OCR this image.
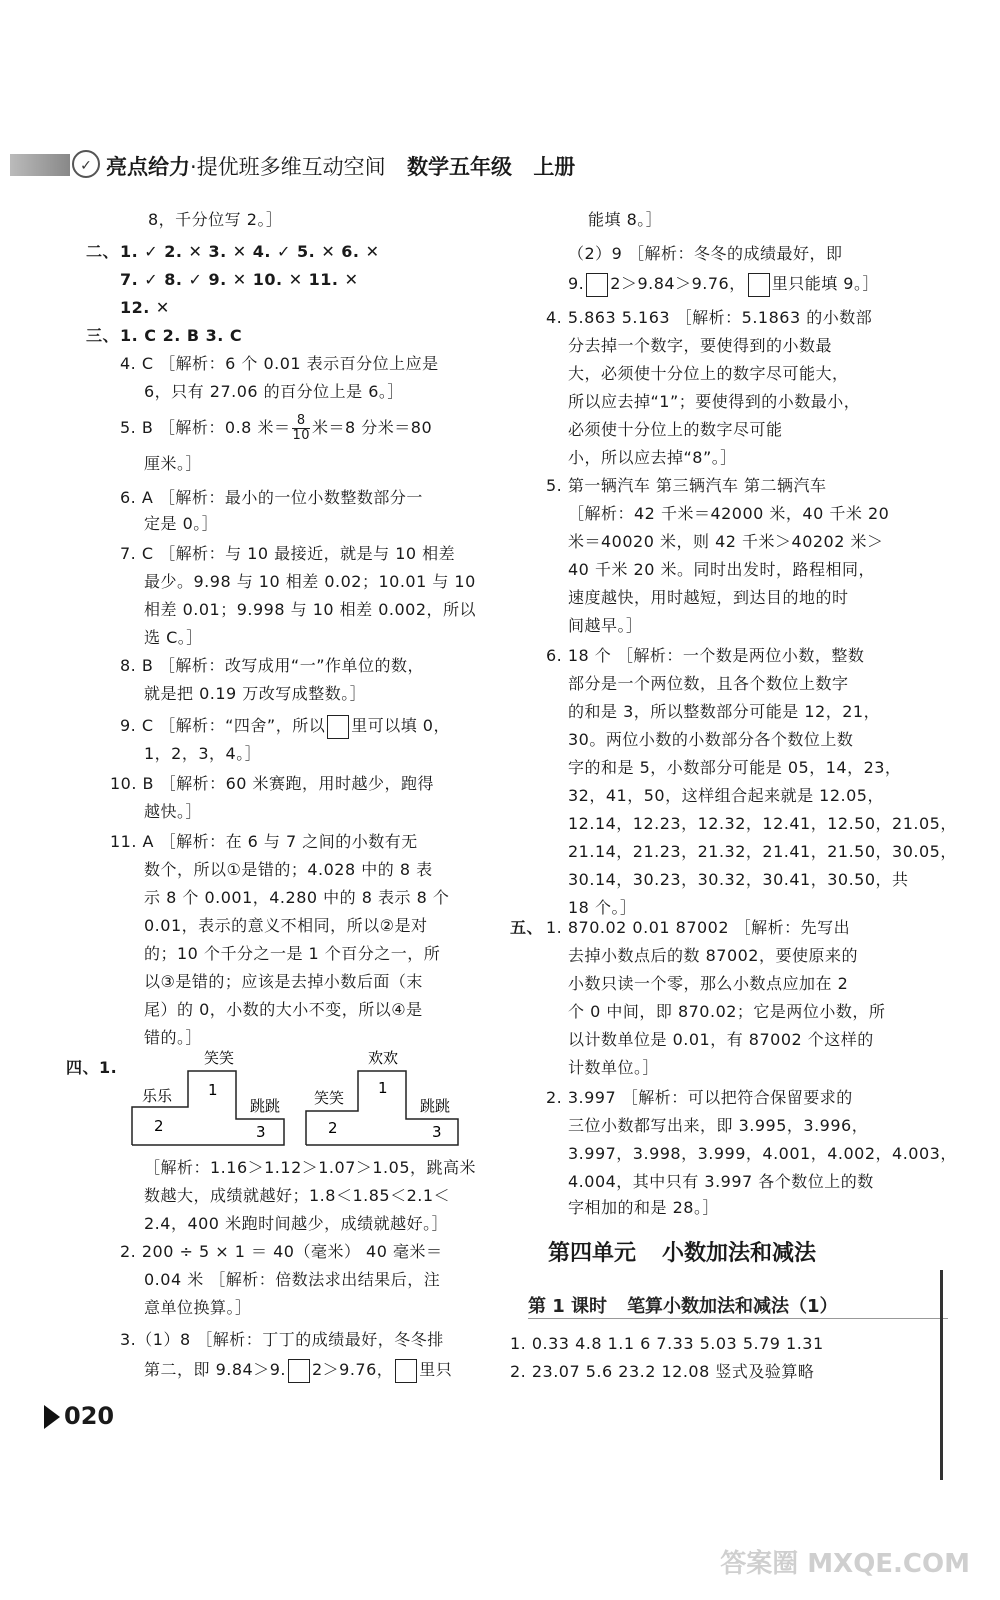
✓ 亮点给力·提优班多维互动空间 数学五年级 上册
8，千分位写 2。］
二、 1. ✓ 2. ✕ 3. ✕ 4. ✓ 5. ✕ 6. ✕
7. ✓ 8. ✓ 9. ✕ 10. ✕ 11. ✕
12. ✕
三、 1. C 2. B 3. C
4. C ［解析：6 个 0.01 表示百分位上应是
6，只有 27.06 的百分位上是 6。］
5. B ［解析：0.8 米＝ $\frac{8}{10}$ 米＝8 分米＝80
厘米。］
6. A ［解析：最小的一位小数整数部分一
定是 0。］
7. C ［解析：与 10 最接近，就是与 10 相差
最少。9.98 与 10 相差 0.02；10.01 与 10
相差 0.01；9.998 与 10 相差 0.002，所以
选 C。］
8. B ［解析：改写成用“一”作单位的数，
就是把 0.19 万改写成整数。］
9. C ［解析：“四舍”，所以 里可以填 0，
1，2，3，4。］
10. B ［解析：60 米赛跑，用时越少，跑得
越快。］
11. A ［解析：在 6 与 7 之间的小数有无
数个，所以①是错的；4.028 中的 8 表
示 8 个 0.001，4.280 中的 8 表示 8 个
0.01，表示的意义不相同，所以②是对
的；10 个千分之一是 1 个百分之一，所
以③是错的；应该是去掉小数后面（末
尾）的 0，小数的大小不变，所以④是
错的。］
四、1.	笑笑
乐乐
跳跳
1
2	3
欢欢
笑笑	跳跳
1
2	3
［解析：1.16＞1.12＞1.07＞1.05，跳高米
数越大，成绩就越好；1.8＜1.85＜2.1＜
2.4，400 米跑时间越少，成绩就越好。］
2. 200 ÷ 5 × 1 ＝ 40（毫米） 40 毫米＝
0.04 米 ［解析：倍数法求出结果后，注
意单位换算。］
3.（1）8 ［解析：丁丁的成绩最好，冬冬排
第二，即 9.84＞9. 2＞9.76， 里只
020
能填 8。］
（2）9 ［解析：冬冬的成绩最好，即
9. 2＞9.84＞9.76， 里只能填 9。］
4. 5.863 5.163 ［解析：5.1863 的小数部
分去掉一个数字，要使得到的小数最
大，必须使十分位上的数字尽可能大，
所以应去掉“1”；要使得到的小数最小，
必须使十分位上的数字尽可能
小，所以应去掉“8”。］
5. 第一辆汽车 第三辆汽车 第二辆汽车
［解析：42 千米＝42000 米，40 千米 20
米＝40020 米，则 42 千米＞40202 米＞
40 千米 20 米。同时出发时，路程相同，
速度越快，用时越短，到达目的地的时
间越早。］
6. 18 个 ［解析：一个数是两位小数，整数
部分是一个两位数，且各个数位上数字
的和是 3，所以整数部分可能是 12，21，
30。两位小数的小数部分各个数位上数
字的和是 5，小数部分可能是 05，14，23，
32，41，50，这样组合起来就是 12.05，
12.14，12.23，12.32，12.41，12.50，21.05，
21.14，21.23，21.32，21.41，21.50，30.05，
30.14，30.23，30.32，30.41，30.50，共
18 个。］
五、 1. 870.02 0.01 87002 ［解析：先写出
去掉小数点后的数 87002，要使原来的
小数只读一个零，那么小数点应加在 2
个 0 中间，即 870.02；它是两位小数，所
以计数单位是 0.01，有 87002 个这样的
计数单位。］
2. 3.997 ［解析：可以把符合保留要求的
三位小数都写出来，即 3.995，3.996，
3.997，3.998，3.999，4.001，4.002，4.003，
4.004，其中只有 3.997 各个数位上的数
字相加的和是 28。］
第四单元 小数加法和减法
第 1 课时 笔算小数加法和减法（1）
1. 0.33 4.8 1.1 6 7.33 5.03 5.79 1.31
2. 23.07 5.6 23.2 12.08 竖式及验算略
答案圈 MXQE.COM
